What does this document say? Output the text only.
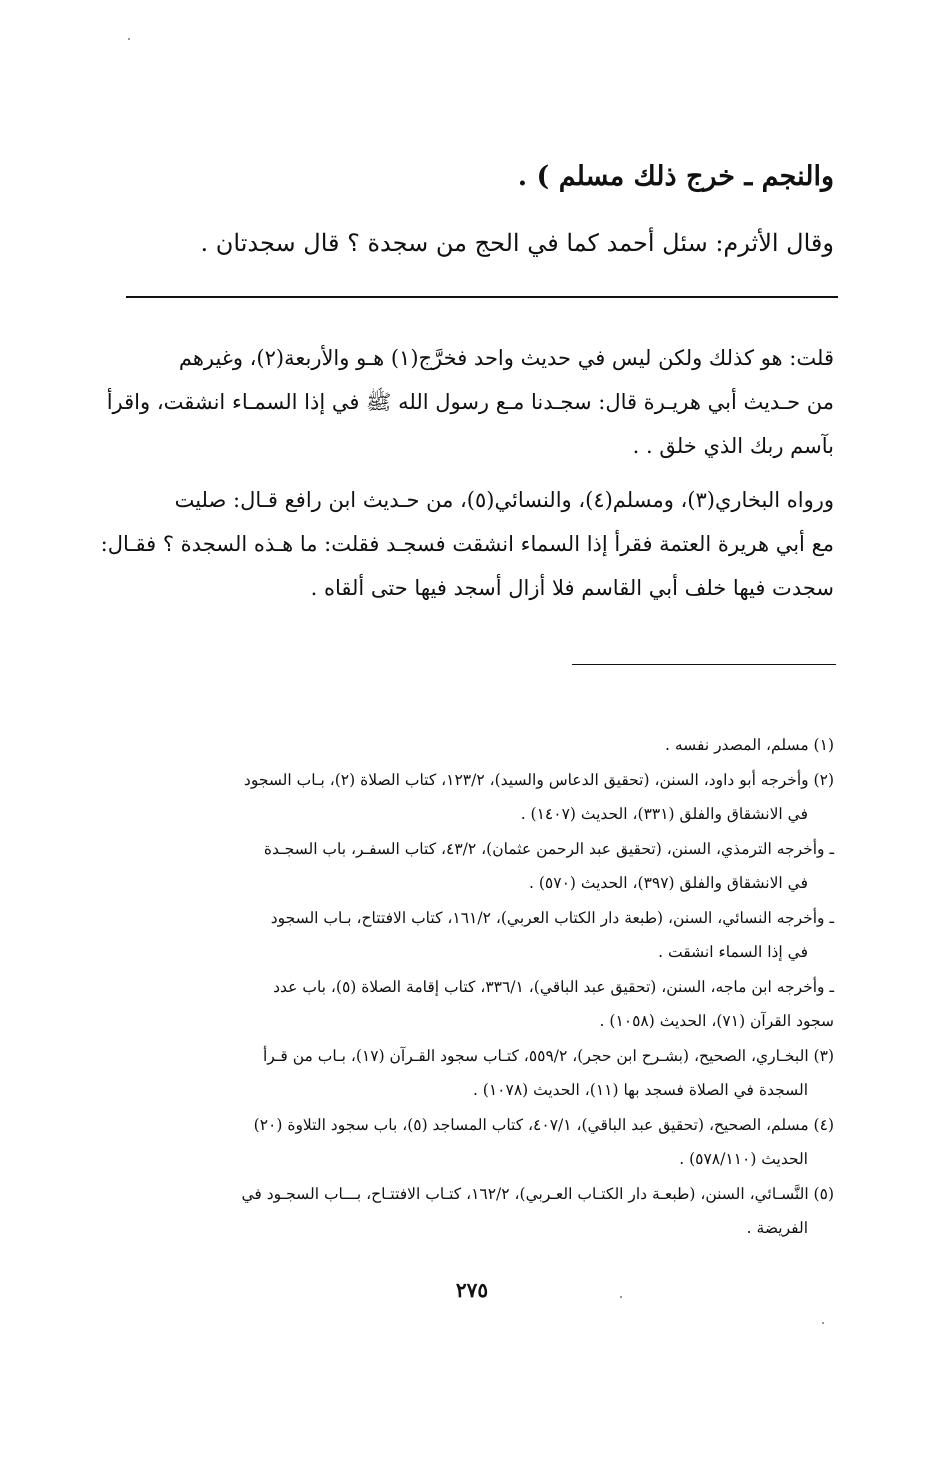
والنجم ـ خرج ذلك مسلم ) .
وقال الأثرم: سئل أحمد كما في الحج من سجدة ؟ قال سجدتان .
قلت: هو كذلك ولكن ليس في حديث واحد فخرَّج(١) هـو والأربعة(٢)، وغيرهم
من حـديث أبي هريـرة قال: سجـدنا مـع رسول الله ﷺ في إذا السمـاء انشقت، واقرأ
بآسم ربك الذي خلق . .
ورواه البخاري(٣)، ومسلم(٤)، والنسائي(٥)، من حـديث ابن رافع قـال: صليت
مع أبي هريرة العتمة فقرأ إذا السماء انشقت فسجـد فقلت: ما هـذه السجدة ؟ فقـال:
سجدت فيها خلف أبي القاسم فلا أزال أسجد فيها حتى ألقاه .
(١) مسلم، المصدر نفسه .
(٢) وأخرجه أبو داود، السنن، (تحقيق الدعاس والسيد)، ١٢٣/٢، كتاب الصلاة (٢)، بـاب السجود
في الانشقاق والفلق (٣٣١)، الحديث (١٤٠٧) .
ـ وأخرجه الترمذي، السنن، (تحقيق عبد الرحمن عثمان)، ٤٣/٢، كتاب السفـر، باب السجـدة
في الانشقاق والفلق (٣٩٧)، الحديث (٥٧٠) .
ـ وأخرجه النسائي، السنن، (طبعة دار الكتاب العربي)، ١٦١/٢، كتاب الافتتاح، بـاب السجود
في إذا السماء انشقت .
ـ وأخرجه ابن ماجه، السنن، (تحقيق عبد الباقي)، ٣٣٦/١، كتاب إقامة الصلاة (٥)، باب عدد
سجود القرآن (٧١)، الحديث (١٠٥٨) .
(٣) البخـاري، الصحيح، (بشـرح ابن حجر)، ٥٥٩/٢، كتـاب سجود القـرآن (١٧)، بـاب من قـرأ
السجدة في الصلاة فسجد بها (١١)، الحديث (١٠٧٨) .
(٤) مسلم، الصحيح، (تحقيق عبد الباقي)، ٤٠٧/١، كتاب المساجد (٥)، باب سجود التلاوة (٢٠)
الحديث (٥٧٨/١١٠) .
(٥) النَّسـائي، السنن، (طبعـة دار الكتـاب العـربي)، ١٦٢/٢، كتـاب الافتتـاح، بـــاب السجـود في
الفريضة .
٢٧٥
